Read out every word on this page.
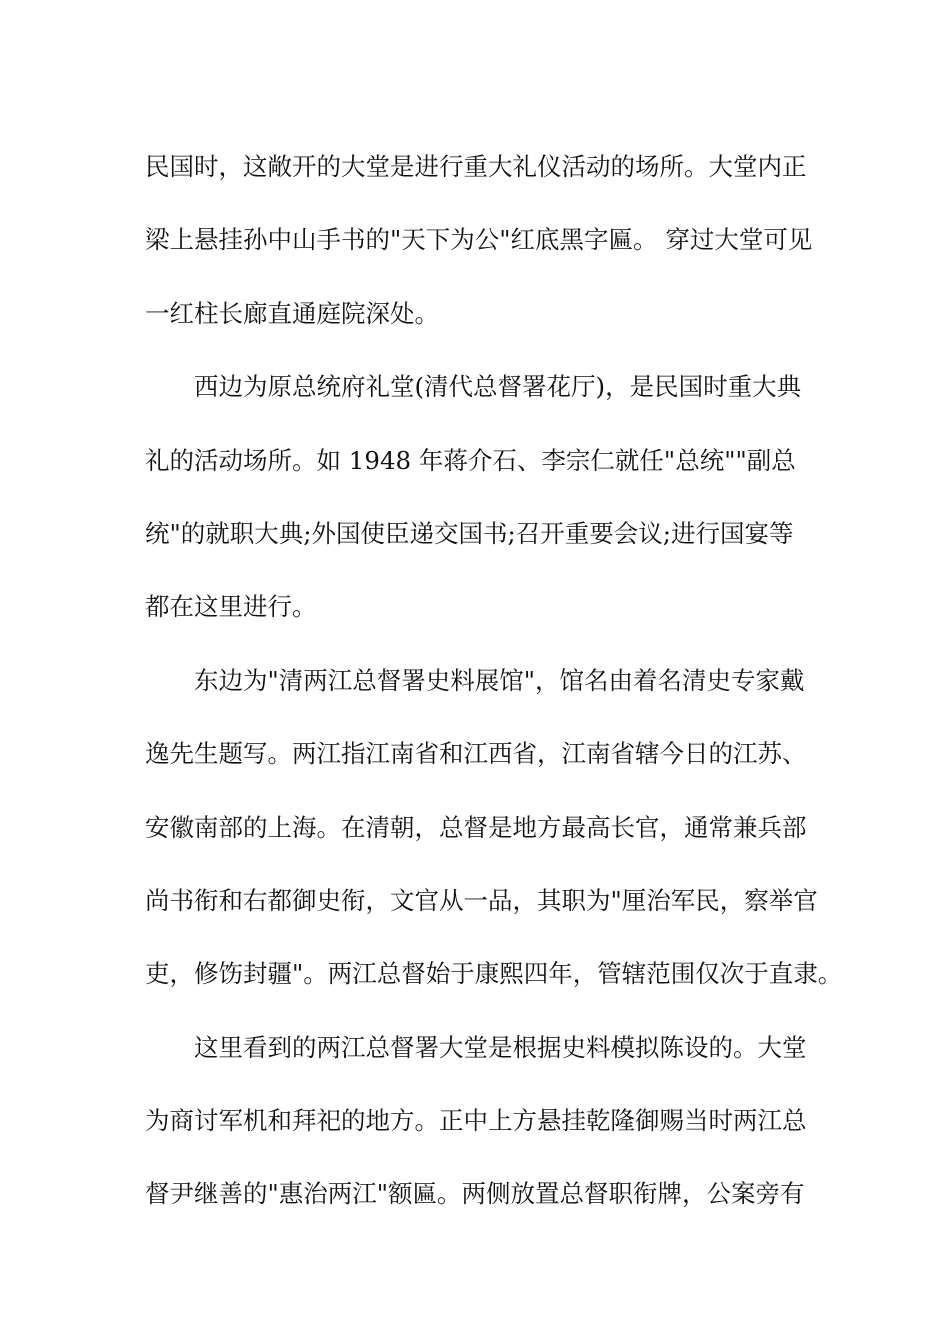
民国时，这敞开的大堂是进行重大礼仪活动的场所。大堂内正
梁上悬挂孙中山手书的"天下为公"红底黑字匾。 穿过大堂可见
一红柱长廊直通庭院深处。
西边为原总统府礼堂(清代总督署花厅)，是民国时重大典
礼的活动场所。如 1948 年蒋介石、李宗仁就任"总统""副总
统"的就职大典;外国使臣递交国书;召开重要会议;进行国宴等
都在这里进行。
东边为"清两江总督署史料展馆"，馆名由着名清史专家戴
逸先生题写。两江指江南省和江西省，江南省辖今日的江苏、
安徽南部的上海。在清朝，总督是地方最高长官，通常兼兵部
尚书衔和右都御史衔，文官从一品，其职为"厘治军民，察举官
吏，修饬封疆"。两江总督始于康熙四年，管辖范围仅次于直隶。
这里看到的两江总督署大堂是根据史料模拟陈设的。大堂
为商讨军机和拜祀的地方。正中上方悬挂乾隆御赐当时两江总
督尹继善的"惠治两江"额匾。两侧放置总督职衔牌，公案旁有
